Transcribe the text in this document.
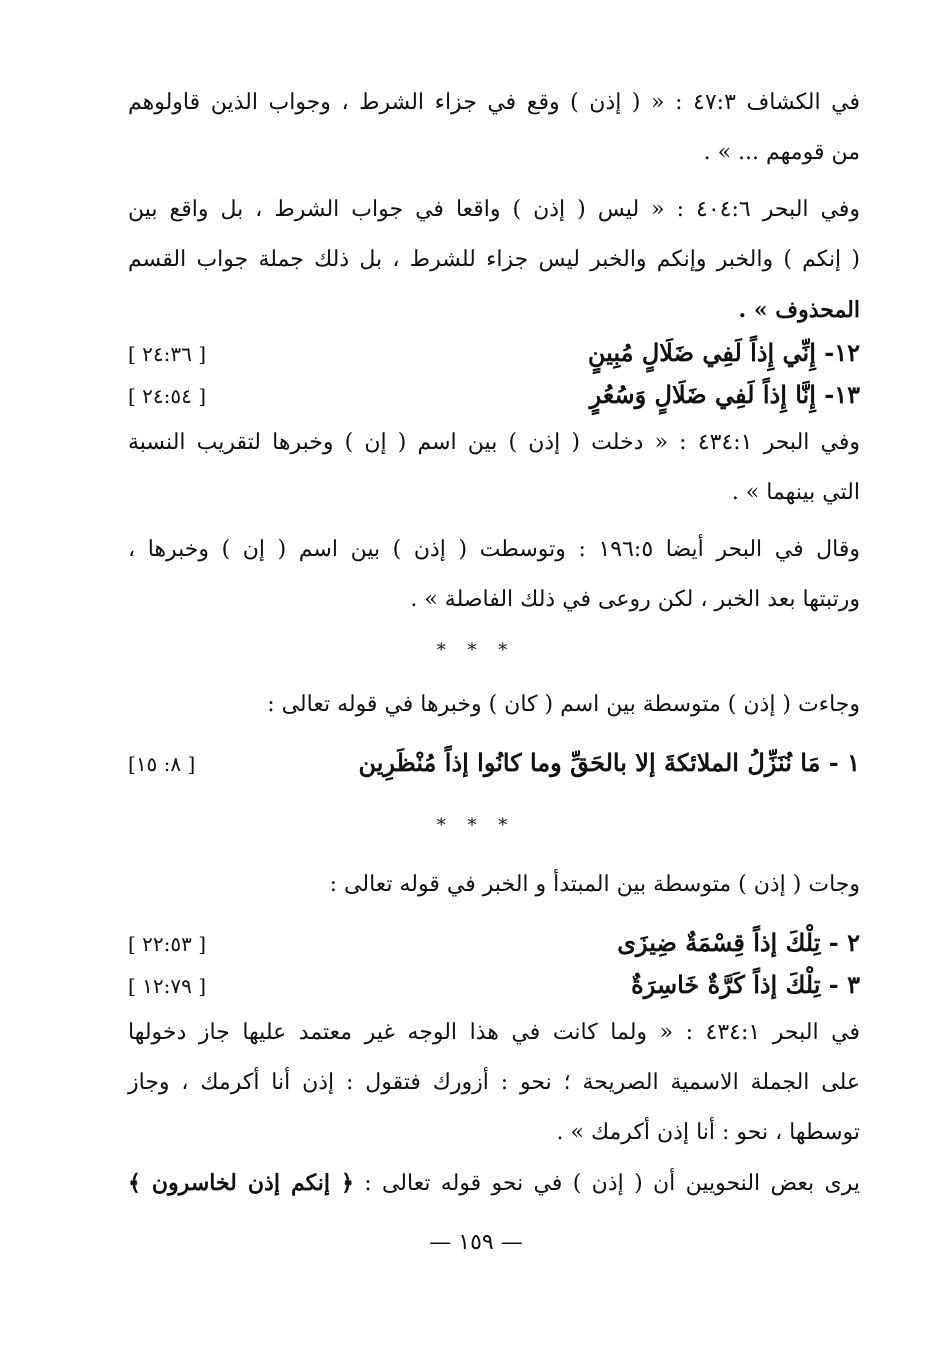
في الكشاف ٤٧:٣ : « ( إذن ) وقع في جزاء الشرط ، وجواب الذين قاولوهم
من قومهم ... » .
وفي البحر ٤٠٤:٦ : « ليس ( إذن ) واقعا في جواب الشرط ، بل واقع بين
( إنكم ) والخبر وإنكم والخبر ليس جزاء للشرط ، بل ذلك جملة جواب القسم
المحذوف » .
١٢- إِنِّي إِذاً لَفِي ضَلَالٍ مُبِينٍ
[ ٢٤:٣٦ ]
١٣- إِنَّا إِذاً لَفِي ضَلَالٍ وَسُعُرٍ
[ ٢٤:٥٤ ]
وفي البحر ٤٣٤:١ : « دخلت ( إذن ) بين اسم ( إن ) وخبرها لتقريب النسبة
التي بينهما » .
وقال في البحر أيضا ١٩٦:٥ : وتوسطت ( إذن ) بين اسم ( إن ) وخبرها ،
ورتبتها بعد الخبر ، لكن روعى في ذلك الفاصلة » .
* * *
وجاءت ( إذن ) متوسطة بين اسم ( كان ) وخبرها في قوله تعالى :
١ - مَا نُنَزِّلُ الملائكةَ إلا بالحَقِّ وما كانُوا إذاً مُنْظَرِين
[٨: ١٥ ]
* * *
وجات ( إذن ) متوسطة بين المبتدأ و الخبر في قوله تعالى :
٢ - تِلْكَ إذاً قِسْمَةٌ ضِيزَى
[ ٢٢:٥٣ ]
٣ - تِلْكَ إذاً كَرَّةٌ خَاسِرَةٌ
[ ١٢:٧٩ ]
في البحر ٤٣٤:١ : « ولما كانت في هذا الوجه غير معتمد عليها جاز دخولها
على الجملة الاسمية الصريحة ؛ نحو : أزورك فتقول : إذن أنا أكرمك ، وجاز
توسطها ، نحو : أنا إذن أكرمك » .
يرى بعض النحويين أن ( إذن ) في نحو قوله تعالى : ﴿ إنكم إذن لخاسرون ﴾
— ١٥٩ —
